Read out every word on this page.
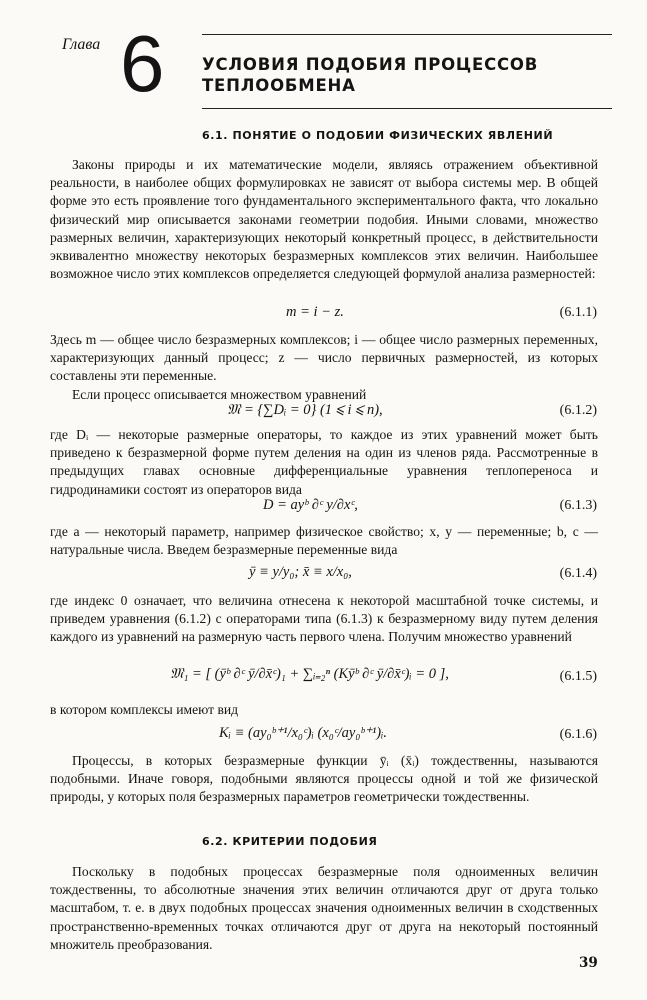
Глава 6 УСЛОВИЯ ПОДОБИЯ ПРОЦЕССОВ ТЕПЛООБМЕНА
6.1. ПОНЯТИЕ О ПОДОБИИ ФИЗИЧЕСКИХ ЯВЛЕНИЙ

Законы природы и их математические модели, являясь отражением объективной реальности, в наиболее общих формулировках не зависят от выбора системы мер. В общей форме это есть проявление того фундаментального экспериментального факта, что локально физический мир описывается законами геометрии подобия. Иными словами, множество размерных величин, характеризующих некоторый конкретный процесс, в действительности эквивалентно множеству некоторых безразмерных комплексов этих величин. Наибольшее возможное число этих комплексов определяется следующей формулой анализа размерностей:

m = i − z.	(6.1.1)

Здесь m — общее число безразмерных комплексов; i — общее число размерных переменных, характеризующих данный процесс; z — число первичных размерностей, из которых составлены эти переменные.

Если процесс описывается множеством уравнений

𝔐 = {∑Dᵢ = 0} (1 ⩽ i ⩽ n),	(6.1.2)

где Dᵢ — некоторые размерные операторы, то каждое из этих уравнений может быть приведено к безразмерной форме путем деления на один из членов ряда. Рассмотренные в предыдущих главах основные дифференциальные уравнения теплопереноса и гидродинамики состоят из операторов вида

D = ayᵇ ∂ᶜ y/∂xᶜ,	(6.1.3)

где a — некоторый параметр, например физическое свойство; x, y — переменные; b, c — натуральные числа. Введем безразмерные переменные вида

ȳ ≡ y/y₀; x̄ ≡ x/x₀,	(6.1.4)

где индекс 0 означает, что величина отнесена к некоторой масштабной точке системы, и приведем уравнения (6.1.2) с операторами типа (6.1.3) к безразмерному виду путем деления каждого из уравнений на размерную часть первого члена. Получим множество уравнений

𝔐₁ = [ (ȳᵇ ∂ᶜ ȳ/∂x̄ᶜ)₁ + ∑ᵢ₌₂ⁿ (Kȳᵇ ∂ᶜ ȳ/∂x̄ᶜ)ᵢ = 0 ],	(6.1.5)

в котором комплексы имеют вид

Kᵢ ≡ (ay₀ᵇ⁺¹/x₀ᶜ)ᵢ (x₀ᶜ/ay₀ᵇ⁺¹)ᵢ.	(6.1.6)

Процессы, в которых безразмерные функции ȳᵢ (x̄ᵢ) тождественны, называются подобными. Иначе говоря, подобными являются процессы одной и той же физической природы, у которых поля безразмерных параметров геометрически тождественны.

6.2. КРИТЕРИИ ПОДОБИЯ

Поскольку в подобных процессах безразмерные поля одноименных величин тождественны, то абсолютные значения этих величин отличаются друг от друга только масштабом, т. е. в двух подобных процессах значения одноименных величин в сходственных пространственно-временных точках отличаются друг от друга на некоторый постоянный множитель преобразования.

39
